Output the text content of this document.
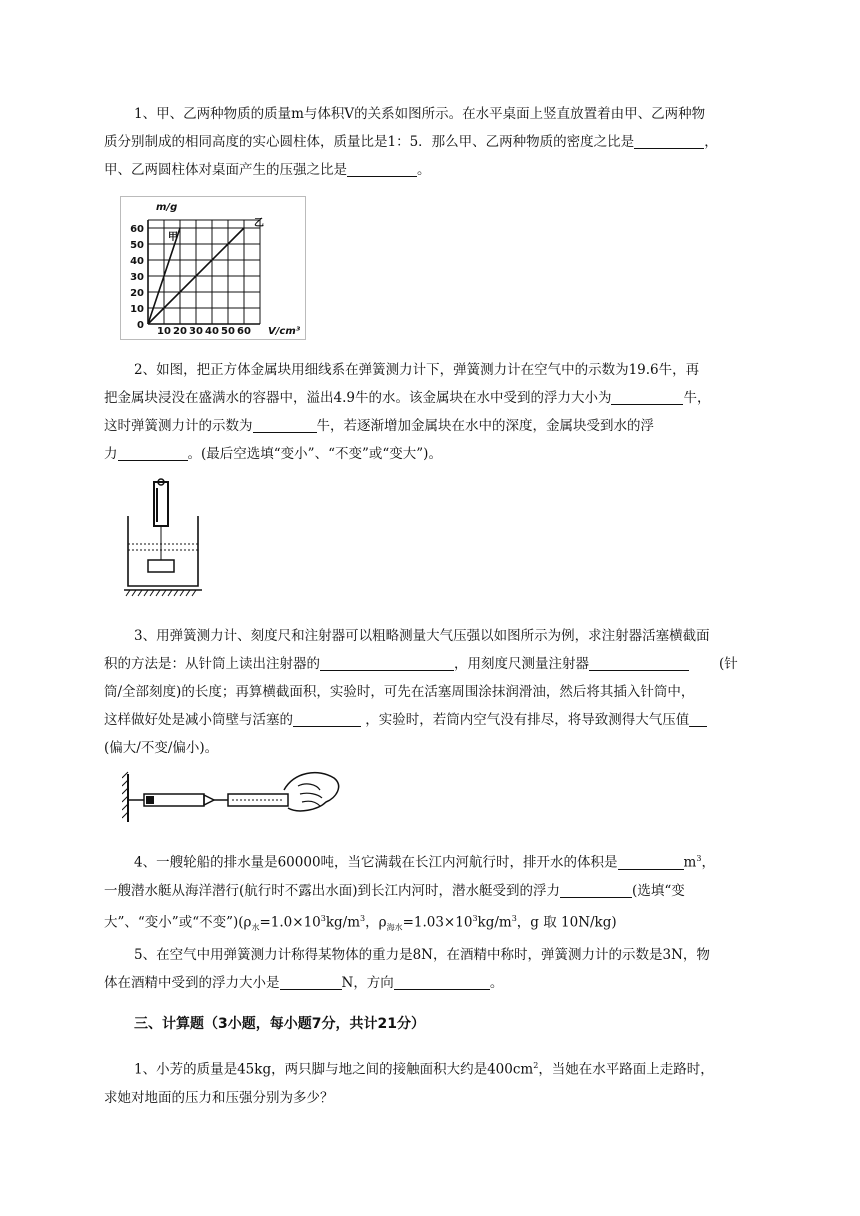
1、甲、乙两种物质的质量m与体积V的关系如图所示。在水平桌面上竖直放置着由甲、乙两种物

质分别制成的相同高度的实心圆柱体，质量比是1：5．那么甲、乙两种物质的密度之比是	，

甲、乙两圆柱体对桌面产生的压强之比是	。

60
50
40
30
20
10
0
10 20 30 40 50 60
m/g
V/cm³
甲
乙

2、如图，把正方体金属块用细线系在弹簧测力计下，弹簧测力计在空气中的示数为19.6牛，再

把金属块浸没在盛满水的容器中，溢出4.9牛的水。该金属块在水中受到的浮力大小为	牛，

这时弹簧测力计的示数为	牛，若逐渐增加金属块在水中的深度，金属块受到水的浮

力	。(最后空选填“变小”、“不变”或“变大”)。

3、用弹簧测力计、刻度尺和注射器可以粗略测量大气压强以如图所示为例，求注射器活塞横截面

积的方法是：从针筒上读出注射器的	，用刻度尺测量注射器	(针

筒/全部刻度)的长度；再算横截面积，实验时，可先在活塞周围涂抹润滑油，然后将其插入针筒中，

这样做好处是减小筒壁与活塞的	，实验时，若筒内空气没有排尽，将导致测得大气压值

(偏大/不变/偏小)。

4、一艘轮船的排水量是60000吨，当它满载在长江内河航行时，排开水的体积是	$m^3$，

一艘潜水艇从海洋潜行(航行时不露出水面)到长江内河时，潜水艇受到的浮力	(选填“变

大”、“变小”或“不变$”)(\rho_水=1.0\times 10^3kg/m^3$，$\rho_{海水}=1.03\times 10^3kg/m^3$，g 取 10N/kg)

5、在空气中用弹簧测力计称得某物体的重力是8N，在酒精中称时，弹簧测力计的示数是3N，物

体在酒精中受到的浮力大小是	N，方向	。

三、计算题（3小题，每小题7分，共计21分）

1、小芳的质量是45kg，两只脚与地之间的接触面积大约是$400cm^2$，当她在水平路面上走路时，

求她对地面的压力和压强分别为多少？
